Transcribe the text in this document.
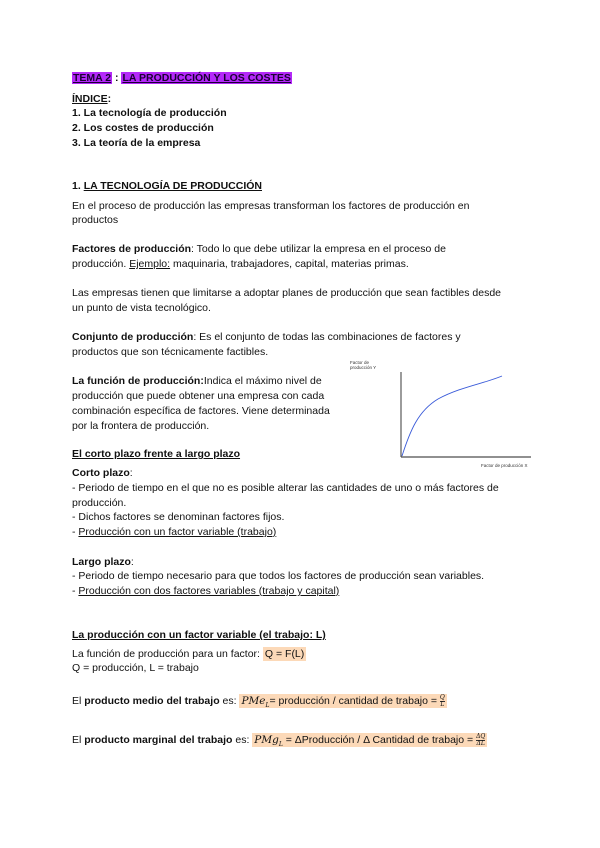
TEMA 2 : LA PRODUCCIÓN Y LOS COSTES
ÍNDICE:
1. La tecnología de producción
2. Los costes de producción
3. La teoría de la empresa
1. LA TECNOLOGÍA DE PRODUCCIÓN
En el proceso de producción las empresas transforman los factores de producción en
productos
Factores de producción: Todo lo que debe utilizar la empresa en el proceso de
producción. Ejemplo: maquinaria, trabajadores, capital, materias primas.
Las empresas tienen que limitarse a adoptar planes de producción que sean factibles desde
un punto de vista tecnológico.
Conjunto de producción: Es el conjunto de todas las combinaciones de factores y
productos que son técnicamente factibles.
La función de producción:Indica el máximo nivel de
producción que puede obtener una empresa con cada
combinación específica de factores. Viene determinada
por la frontera de producción.
Factor de
producción Y
Factor de producción X
El corto plazo frente a largo plazo
Corto plazo:
- Periodo de tiempo en el que no es posible alterar las cantidades de uno o más factores de
producción.
- Dichos factores se denominan factores fijos.
- Producción con un factor variable (trabajo)
Largo plazo:
- Periodo de tiempo necesario para que todos los factores de producción sean variables.
- Producción con dos factores variables (trabajo y capital)
La producción con un factor variable (el trabajo: L)
La función de producción para un factor: Q = F(L)
Q = producción, L = trabajo
El producto medio del trabajo es: PMe$_L$= producción / cantidad de trabajo = $\frac{Q}{L}$
El producto marginal del trabajo es: PMg$_L$ = ΔProducción / Δ Cantidad de trabajo = $\frac{\Delta Q}{\Delta L}$
